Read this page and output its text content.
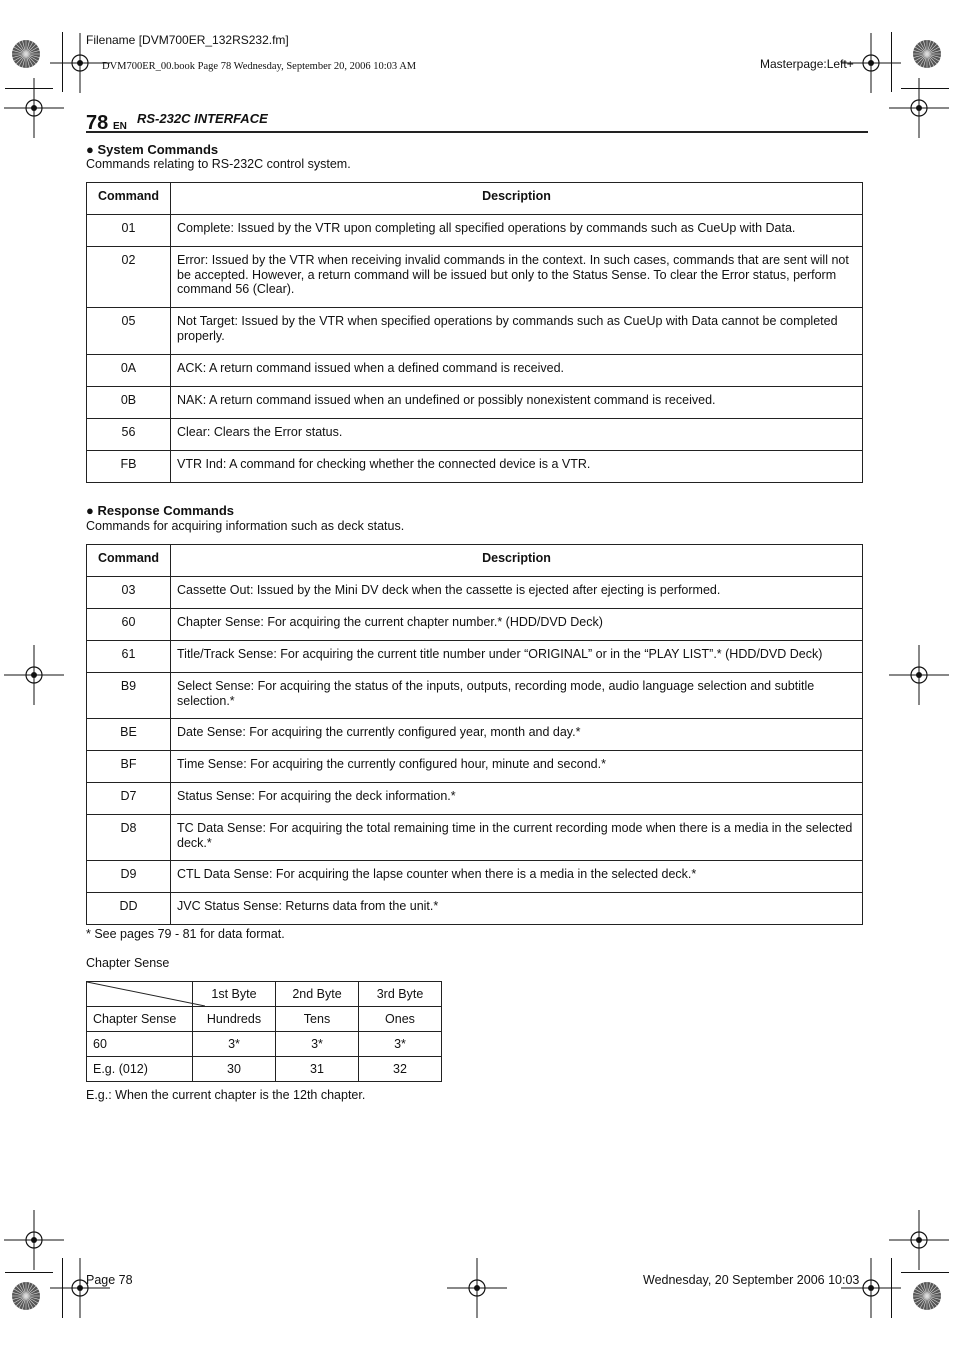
Filename [DVM700ER_132RS232.fm]
DVM700ER_00.book Page 78 Wednesday, September 20, 2006 10:03 AM	Masterpage:Left+
78 EN
RS-232C INTERFACE
● System Commands
Commands relating to RS-232C control system.
Command	Description

01	Complete: Issued by the VTR upon completing all specified operations by commands such as CueUp with Data.

02	Error: Issued by the VTR when receiving invalid commands in the context. In such cases, commands that are sent will not be accepted. However, a return command will be issued but only to the Status Sense. To clear the Error status, perform command 56 (Clear).

05	Not Target: Issued by the VTR when specified operations by commands such as CueUp with Data cannot be completed properly.

0A	ACK: A return command issued when a defined command is received.

0B	NAK: A return command issued when an undefined or possibly nonexistent command is received.

56	Clear: Clears the Error status.

FB	VTR Ind: A command for checking whether the connected device is a VTR.
● Response Commands
Commands for acquiring information such as deck status.
Command	Description

03	Cassette Out: Issued by the Mini DV deck when the cassette is ejected after ejecting is performed.

60	Chapter Sense: For acquiring the current chapter number.* (HDD/DVD Deck)

61	Title/Track Sense: For acquiring the current title number under “ORIGINAL” or in the “PLAY LIST”.* (HDD/DVD Deck)

B9	Select Sense: For acquiring the status of the inputs, outputs, recording mode, audio language selection and subtitle selection.*

BE	Date Sense: For acquiring the currently configured year, month and day.*

BF	Time Sense: For acquiring the currently configured hour, minute and second.*

D7	Status Sense: For acquiring the deck information.*

D8	TC Data Sense: For acquiring the total remaining time in the current recording mode when there is a media in the selected deck.*

D9	CTL Data Sense: For acquiring the lapse counter when there is a media in the selected deck.*

DD	JVC Status Sense: Returns data from the unit.*
* See pages 79 - 81 for data format.
Chapter Sense
	1st Byte	2nd Byte	3rd Byte
Chapter Sense	Hundreds	Tens	Ones
60	3*	3*	3*
E.g. (012)	30	31	32
E.g.: When the current chapter is the 12th chapter.
Page 78	Wednesday, 20 September 2006 10:03
